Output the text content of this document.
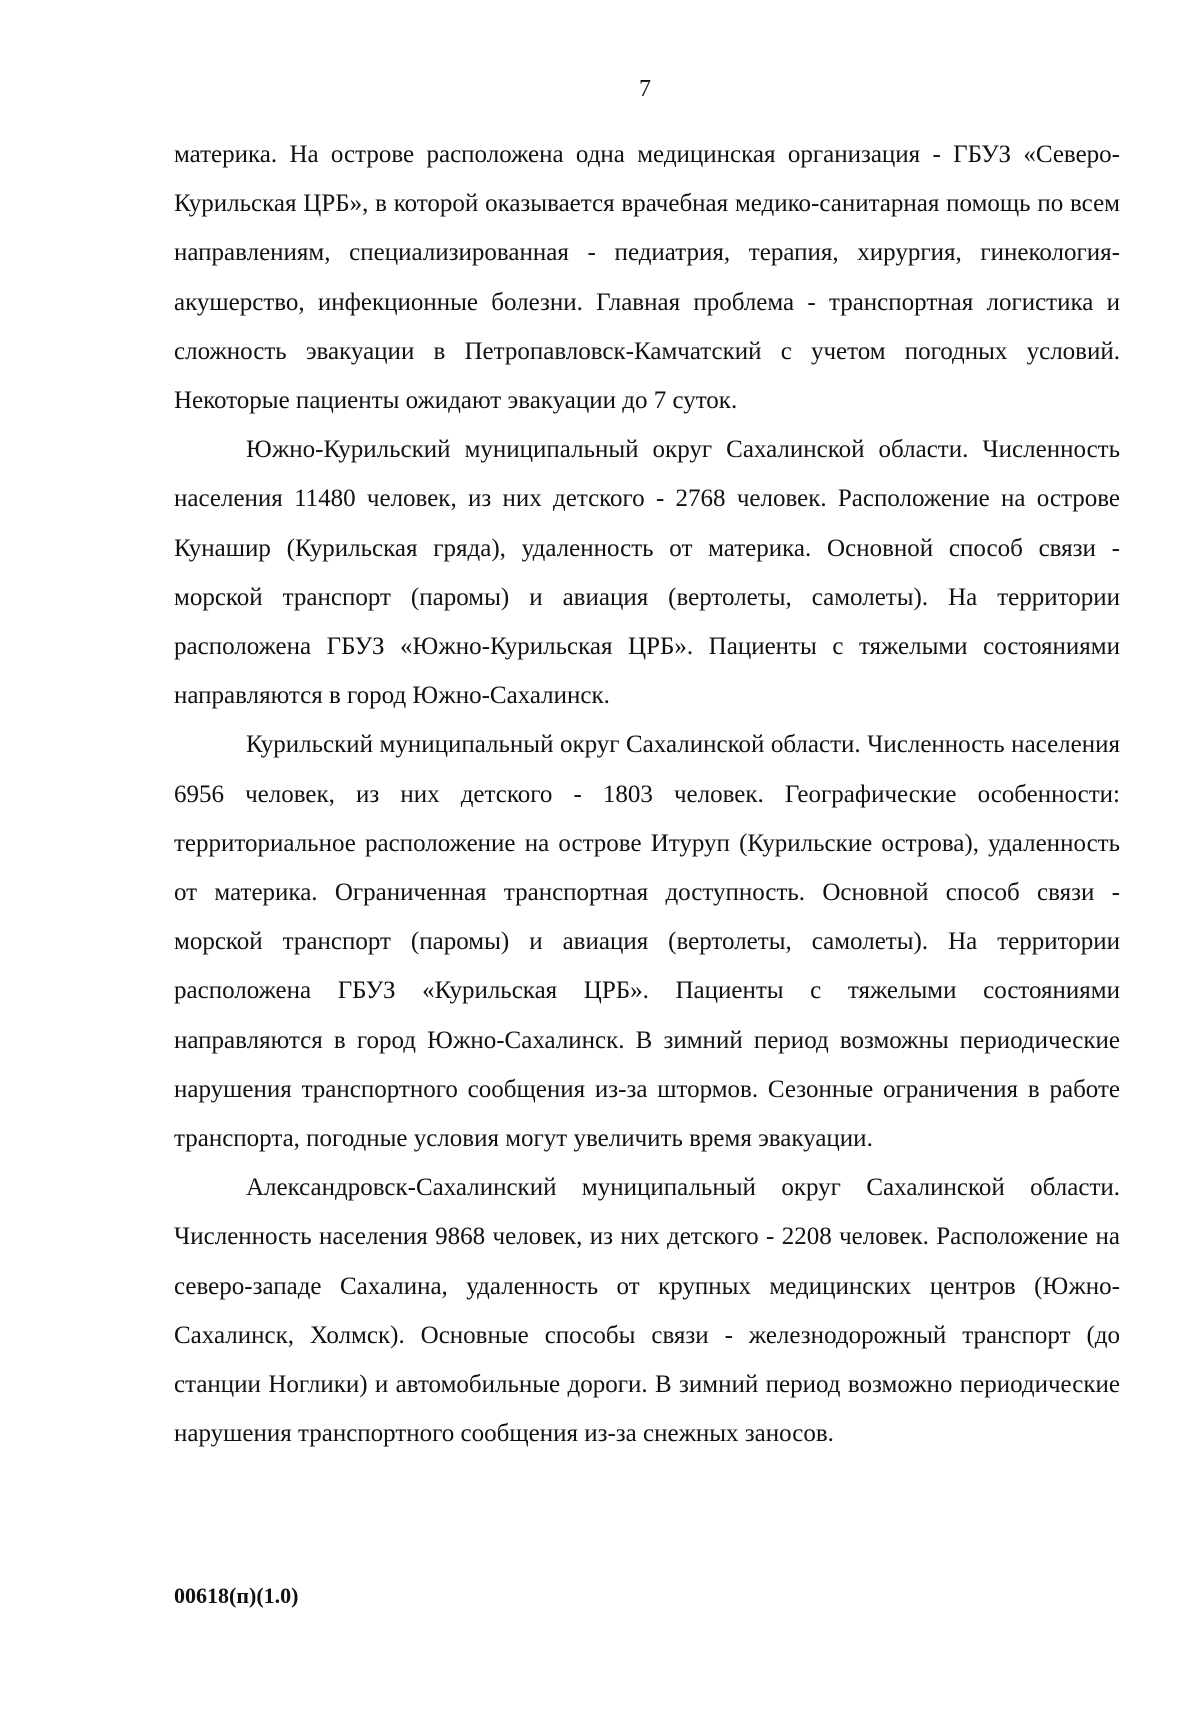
7

материка. На острове расположена одна медицинская организация - ГБУЗ «Северо-Курильская ЦРБ», в которой оказывается врачебная медико-санитарная помощь по всем направлениям, специализированная - педиатрия, терапия, хирургия, гинекология-акушерство, инфекционные болезни. Главная проблема - транспортная логистика и сложность эвакуации в Петропавловск-Камчатский с учетом погодных условий. Некоторые пациенты ожидают эвакуации до 7 суток.

Южно-Курильский муниципальный округ Сахалинской области. Численность населения 11480 человек, из них детского - 2768 человек. Расположение на острове Кунашир (Курильская гряда), удаленность от материка. Основной способ связи - морской транспорт (паромы) и авиация (вертолеты, самолеты). На территории расположена ГБУЗ «Южно-Курильская ЦРБ». Пациенты с тяжелыми состояниями направляются в город Южно-Сахалинск.

Курильский муниципальный округ Сахалинской области. Численность населения 6956 человек, из них детского - 1803 человек. Географические особенности: территориальное расположение на острове Итуруп (Курильские острова), удаленность от материка. Ограниченная транспортная доступность. Основной способ связи - морской транспорт (паромы) и авиация (вертолеты, самолеты). На территории расположена ГБУЗ «Курильская ЦРБ». Пациенты с тяжелыми состояниями направляются в город Южно-Сахалинск. В зимний период возможны периодические нарушения транспортного сообщения из-за штормов. Сезонные ограничения в работе транспорта, погодные условия могут увеличить время эвакуации.

Александровск-Сахалинский муниципальный округ Сахалинской области. Численность населения 9868 человек, из них детского - 2208 человек. Расположение на северо-западе Сахалина, удаленность от крупных медицинских центров (Южно-Сахалинск, Холмск). Основные способы связи - железнодорожный транспорт (до станции Ноглики) и автомобильные дороги. В зимний период возможно периодические нарушения транспортного сообщения из-за снежных заносов.

00618(п)(1.0)
